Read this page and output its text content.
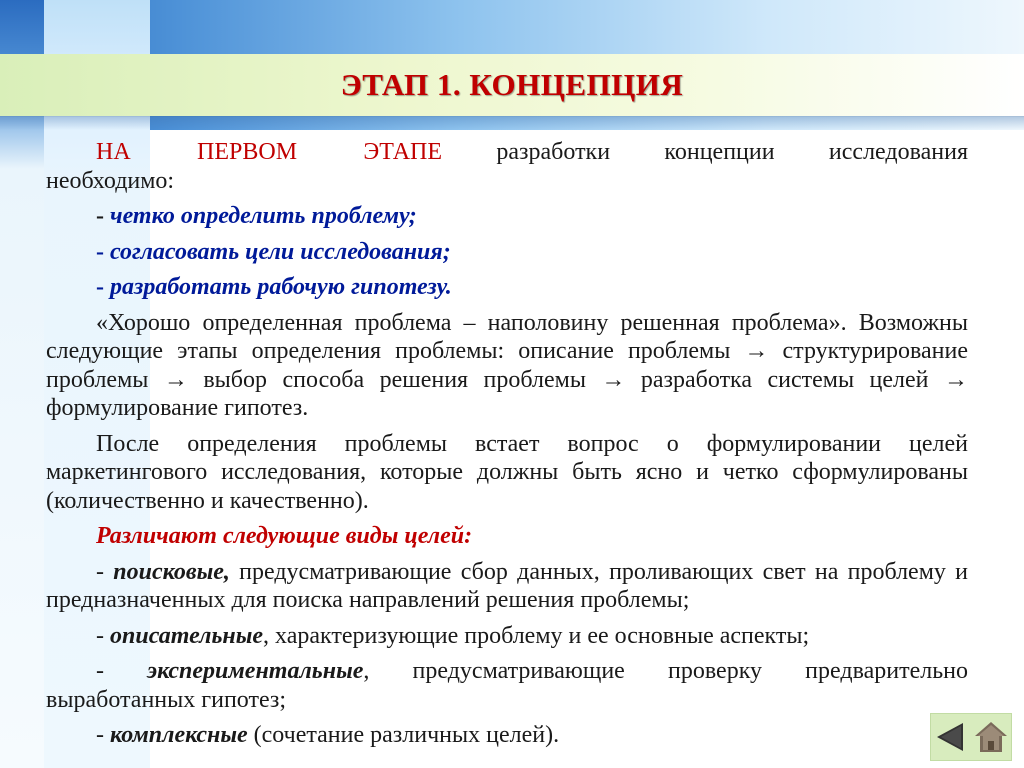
ЭТАП 1. КОНЦЕПЦИЯ

НА ПЕРВОМ ЭТАПЕ разработки концепции исследования необходимо:

- четко определить проблему;

- согласовать цели исследования;

- разработать рабочую гипотезу.

«Хорошо определенная проблема – наполовину решенная проблема». Возможны следующие этапы определения проблемы: описание проблемы → структурирование проблемы → выбор способа решения проблемы → разработка системы целей → формулирование гипотез.

После определения проблемы встает вопрос о формулировании целей маркетингового исследования, которые должны быть ясно и четко сформулированы (количественно и качественно).

Различают следующие виды целей:

- поисковые, предусматривающие сбор данных, проливающих свет на проблему и предназначенных для поиска направлений решения проблемы;

- описательные, характеризующие проблему и ее основные аспекты;

- экспериментальные, предусматривающие проверку предварительно выработанных гипотез;

- комплексные (сочетание различных целей).
